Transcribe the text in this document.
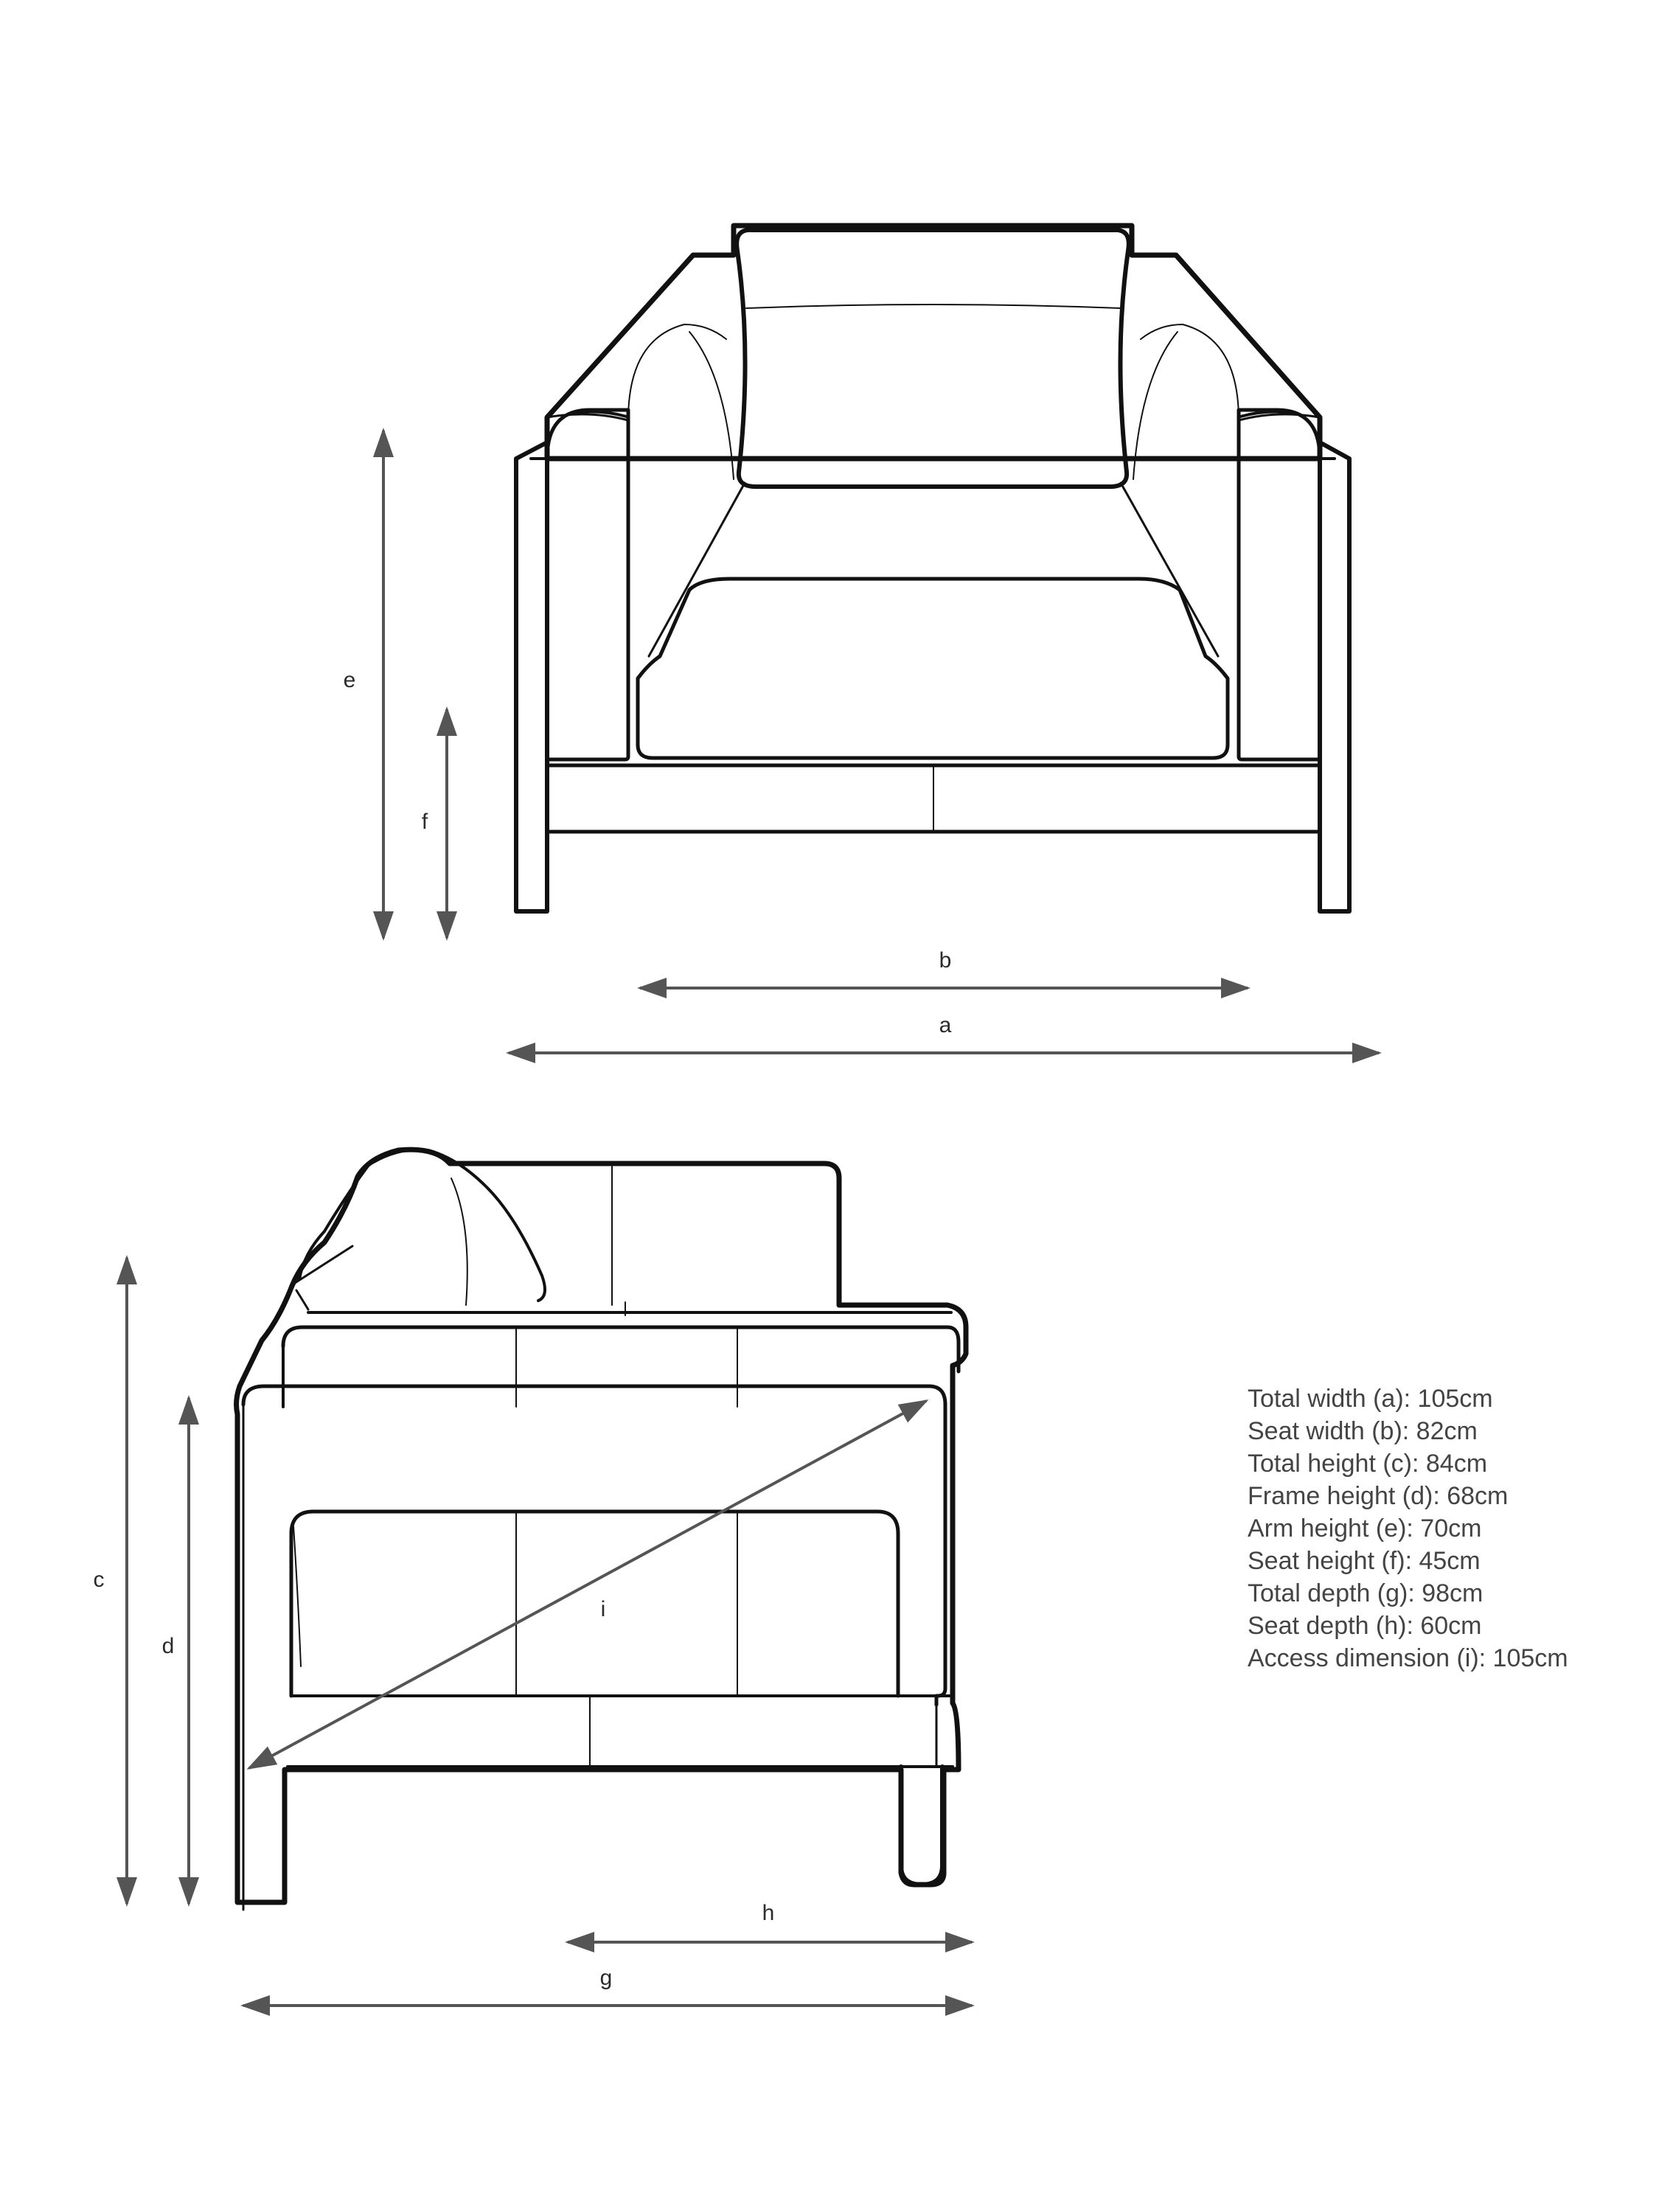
e
f
b
a
c
d
i
h
g
Total width (a): 105cm
Seat width (b): 82cm
Total height (c): 84cm
Frame height (d): 68cm
Arm height (e): 70cm
Seat height (f): 45cm
Total depth (g): 98cm
Seat depth (h): 60cm
Access dimension (i): 105cm
